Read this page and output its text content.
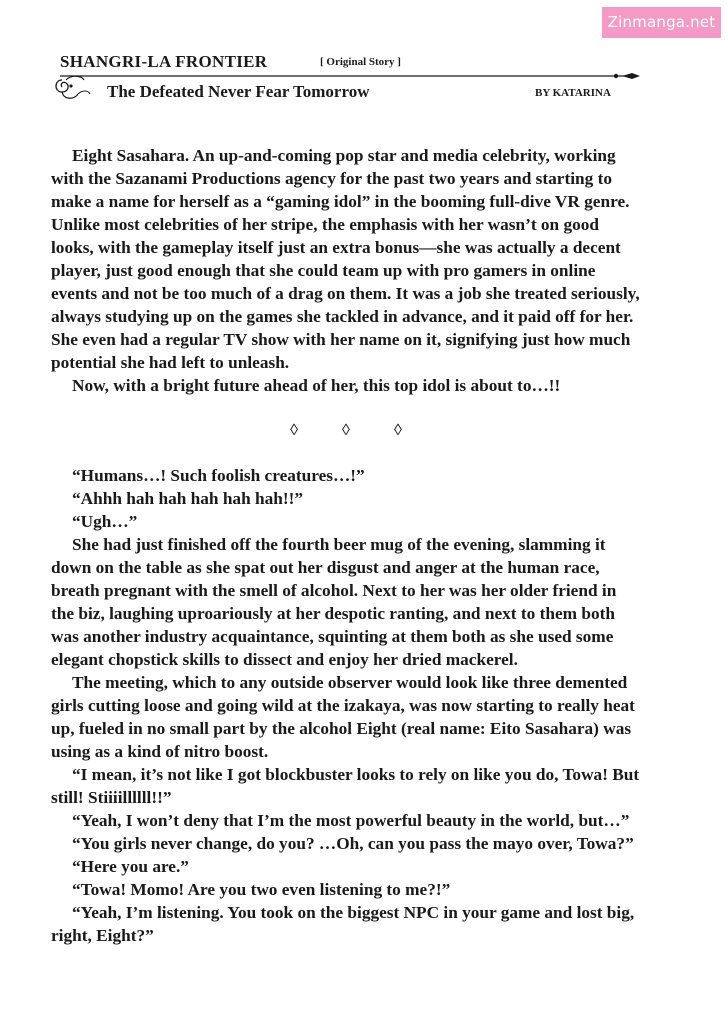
Zinmanga.net
SHANGRI-LA FRONTIER	[ Original Story ]
The Defeated Never Fear Tomorrow	BY KATARINA

Eight Sasahara. An up-and-coming pop star and media celebrity, working with the Sazanami Productions agency for the past two years and starting to make a name for herself as a “gaming idol” in the booming full-dive VR genre. Unlike most celebrities of her stripe, the emphasis with her wasn’t on good looks, with the gameplay itself just an extra bonus—she was actually a decent player, just good enough that she could team up with pro gamers in online events and not be too much of a drag on them. It was a job she treated seriously, always studying up on the games she tackled in advance, and it paid off for her. She even had a regular TV show with her name on it, signifying just how much potential she had left to unleash.

Now, with a bright future ahead of her, this top idol is about to…!!

◊ ◊ ◊

“Humans…! Such foolish creatures…!”

“Ahhh hah hah hah hah hah!!”

“Ugh…”

She had just finished off the fourth beer mug of the evening, slamming it down on the table as she spat out her disgust and anger at the human race, breath pregnant with the smell of alcohol. Next to her was her older friend in the biz, laughing uproariously at her despotic ranting, and next to them both was another industry acquaintance, squinting at them both as she used some elegant chopstick skills to dissect and enjoy her dried mackerel.

The meeting, which to any outside observer would look like three demented girls cutting loose and going wild at the izakaya, was now starting to really heat up, fueled in no small part by the alcohol Eight (real name: Eito Sasahara) was using as a kind of nitro boost.

“I mean, it’s not like I got blockbuster looks to rely on like you do, Towa! But still! Stiiiillllll!!”

“Yeah, I won’t deny that I’m the most powerful beauty in the world, but…”

“You girls never change, do you? …Oh, can you pass the mayo over, Towa?”

“Here you are.”

“Towa! Momo! Are you two even listening to me?!”

“Yeah, I’m listening. You took on the biggest NPC in your game and lost big, right, Eight?”
